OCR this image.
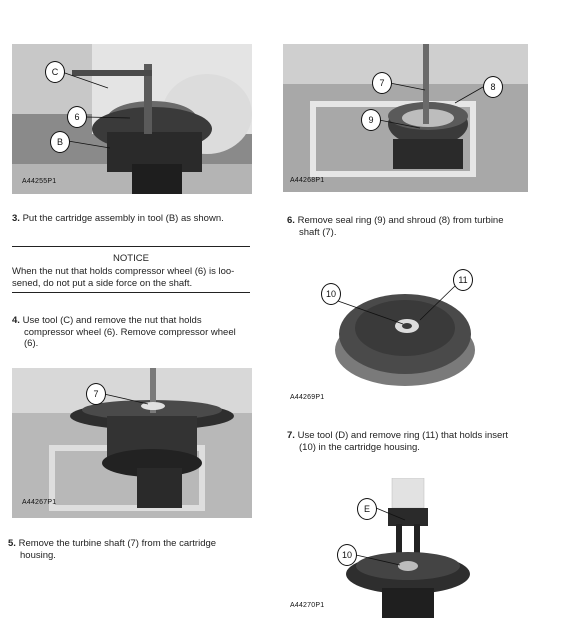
A44255P1
C
6
B
3. Put the cartridge assembly in tool (B) as shown.
NOTICE
When the nut that holds compressor wheel (6) is loo-
sened, do not put a side force on the shaft.
4. Use tool (C) and remove the nut that holds
compressor wheel (6). Remove compressor wheel
(6).
A44267P1
7
5. Remove the turbine shaft (7) from the cartridge
housing.
A44268P1
7	8
9
6. Remove seal ring (9) and shroud (8) from turbine
shaft (7).
A44269P1
10
11
7. Use tool (D) and remove ring (11) that holds insert
(10) in the cartridge housing.
A44270P1
E
10
